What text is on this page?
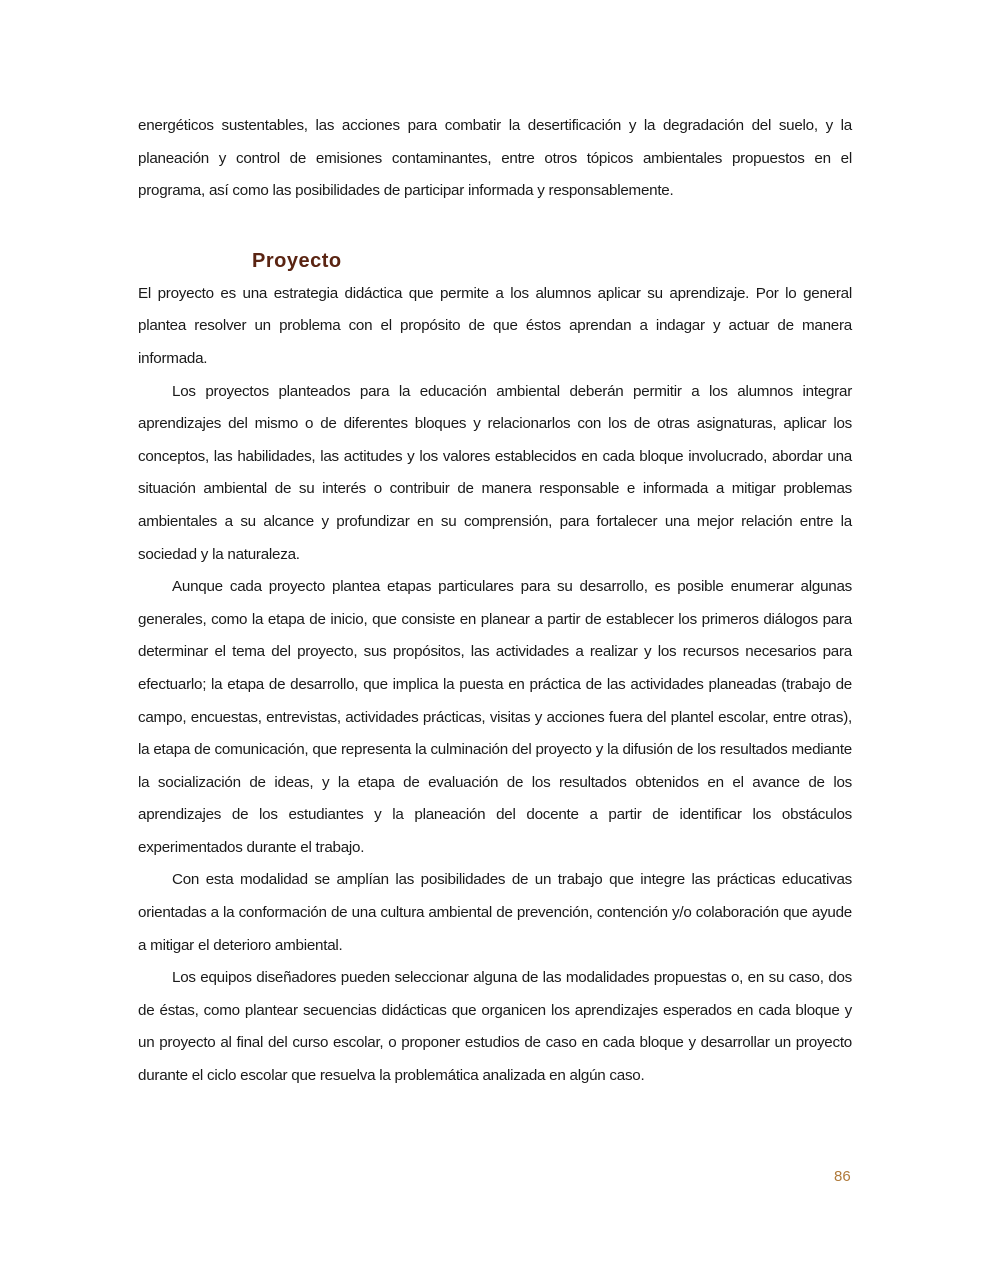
energéticos sustentables, las acciones para combatir la desertificación y la degradación del suelo, y la planeación y control de emisiones contaminantes, entre otros tópicos ambientales propuestos en el programa, así como las posibilidades de participar informada y responsablemente.

Proyecto

El proyecto es una estrategia didáctica que permite a los alumnos aplicar su aprendizaje. Por lo general plantea resolver un problema con el propósito de que éstos aprendan a indagar y actuar de manera informada.

Los proyectos planteados para la educación ambiental deberán permitir a los alumnos integrar aprendizajes del mismo o de diferentes bloques y relacionarlos con los de otras asignaturas, aplicar los conceptos, las habilidades, las actitudes y los valores establecidos en cada bloque involucrado, abordar una situación ambiental de su interés o contribuir de manera responsable e informada a mitigar problemas ambientales a su alcance y profundizar en su comprensión, para fortalecer una mejor relación entre la sociedad y la naturaleza.

Aunque cada proyecto plantea etapas particulares para su desarrollo, es posible enumerar algunas generales, como la etapa de inicio, que consiste en planear a partir de establecer los primeros diálogos para determinar el tema del proyecto, sus propósitos, las actividades a realizar y los recursos necesarios para efectuarlo; la etapa de desarrollo, que implica la puesta en práctica de las actividades planeadas (trabajo de campo, encuestas, entrevistas, actividades prácticas, visitas y acciones fuera del plantel escolar, entre otras), la etapa de comunicación, que representa la culminación del proyecto y la difusión de los resultados mediante la socialización de ideas, y la etapa de evaluación de los resultados obtenidos en el avance de los aprendizajes de los estudiantes y la planeación del docente a partir de identificar los obstáculos experimentados durante el trabajo.

Con esta modalidad se amplían las posibilidades de un trabajo que integre las prácticas educativas orientadas a la conformación de una cultura ambiental de prevención, contención y/o colaboración que ayude a mitigar el deterioro ambiental.

Los equipos diseñadores pueden seleccionar alguna de las modalidades propuestas o, en su caso, dos de éstas, como plantear secuencias didácticas que organicen los aprendizajes esperados en cada bloque y un proyecto al final del curso escolar, o proponer estudios de caso en cada bloque y desarrollar un proyecto durante el ciclo escolar que resuelva la problemática analizada en algún caso.

86
